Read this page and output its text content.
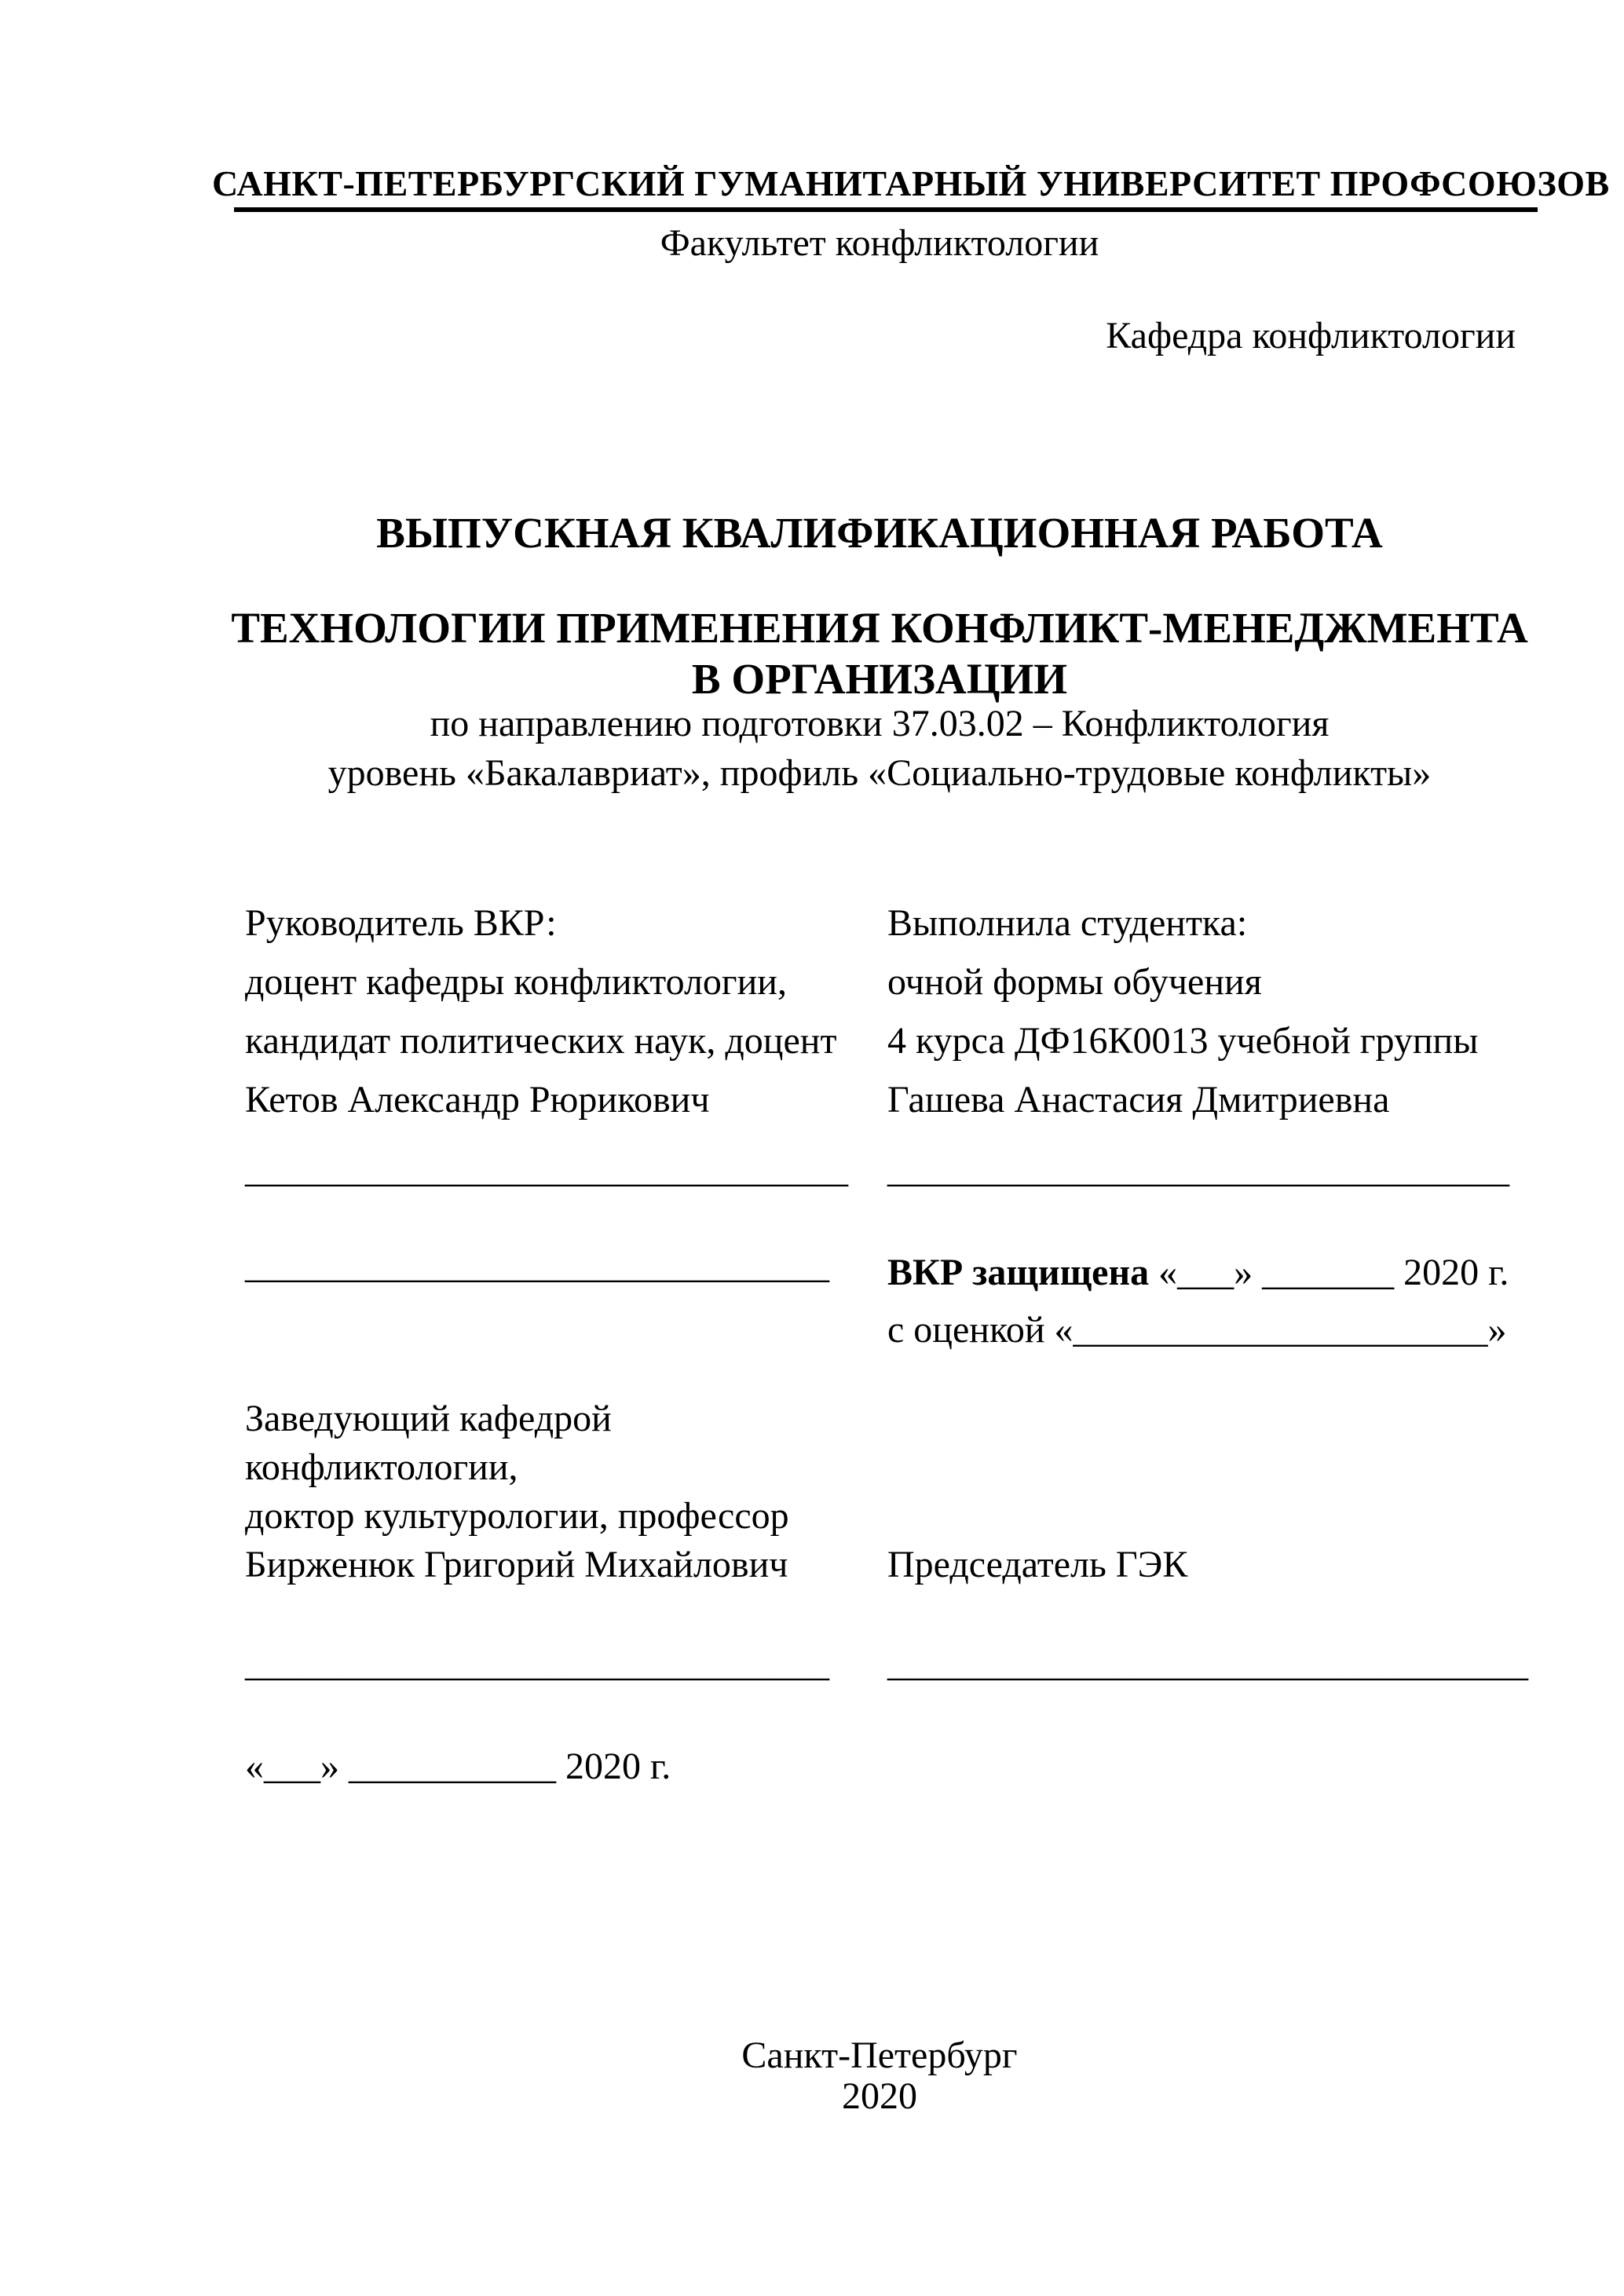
САНКТ-ПЕТЕРБУРГСКИЙ ГУМАНИТАРНЫЙ УНИВЕРСИТЕТ ПРОФСОЮЗОВ
Факультет конфликтологии
Кафедра конфликтологии
ВЫПУСКНАЯ КВАЛИФИКАЦИОННАЯ РАБОТА
ТЕХНОЛОГИИ ПРИМЕНЕНИЯ КОНФЛИКТ-МЕНЕДЖМЕНТА
В ОРГАНИЗАЦИИ
по направлению подготовки 37.03.02 – Конфликтология
уровень «Бакалавриат», профиль «Социально-трудовые конфликты»
Руководитель ВКР:
доцент кафедры конфликтологии,
кандидат политических наук, доцент
Кетов Александр Рюрикович
Выполнила студентка:
очной формы обучения
4 курса ДФ16К0013 учебной группы
Гашева Анастасия Дмитриевна
________________________________ _________________________________
_______________________________ ВКР защищена «___» _______ 2020 г.
с оценкой «______________________»
Заведующий кафедрой
конфликтологии,
доктор культурологии, профессор
Бирженюк Григорий Михайлович	Председатель ГЭК
_______________________________ __________________________________
«___» ___________ 2020 г.
Санкт-Петербург
2020
